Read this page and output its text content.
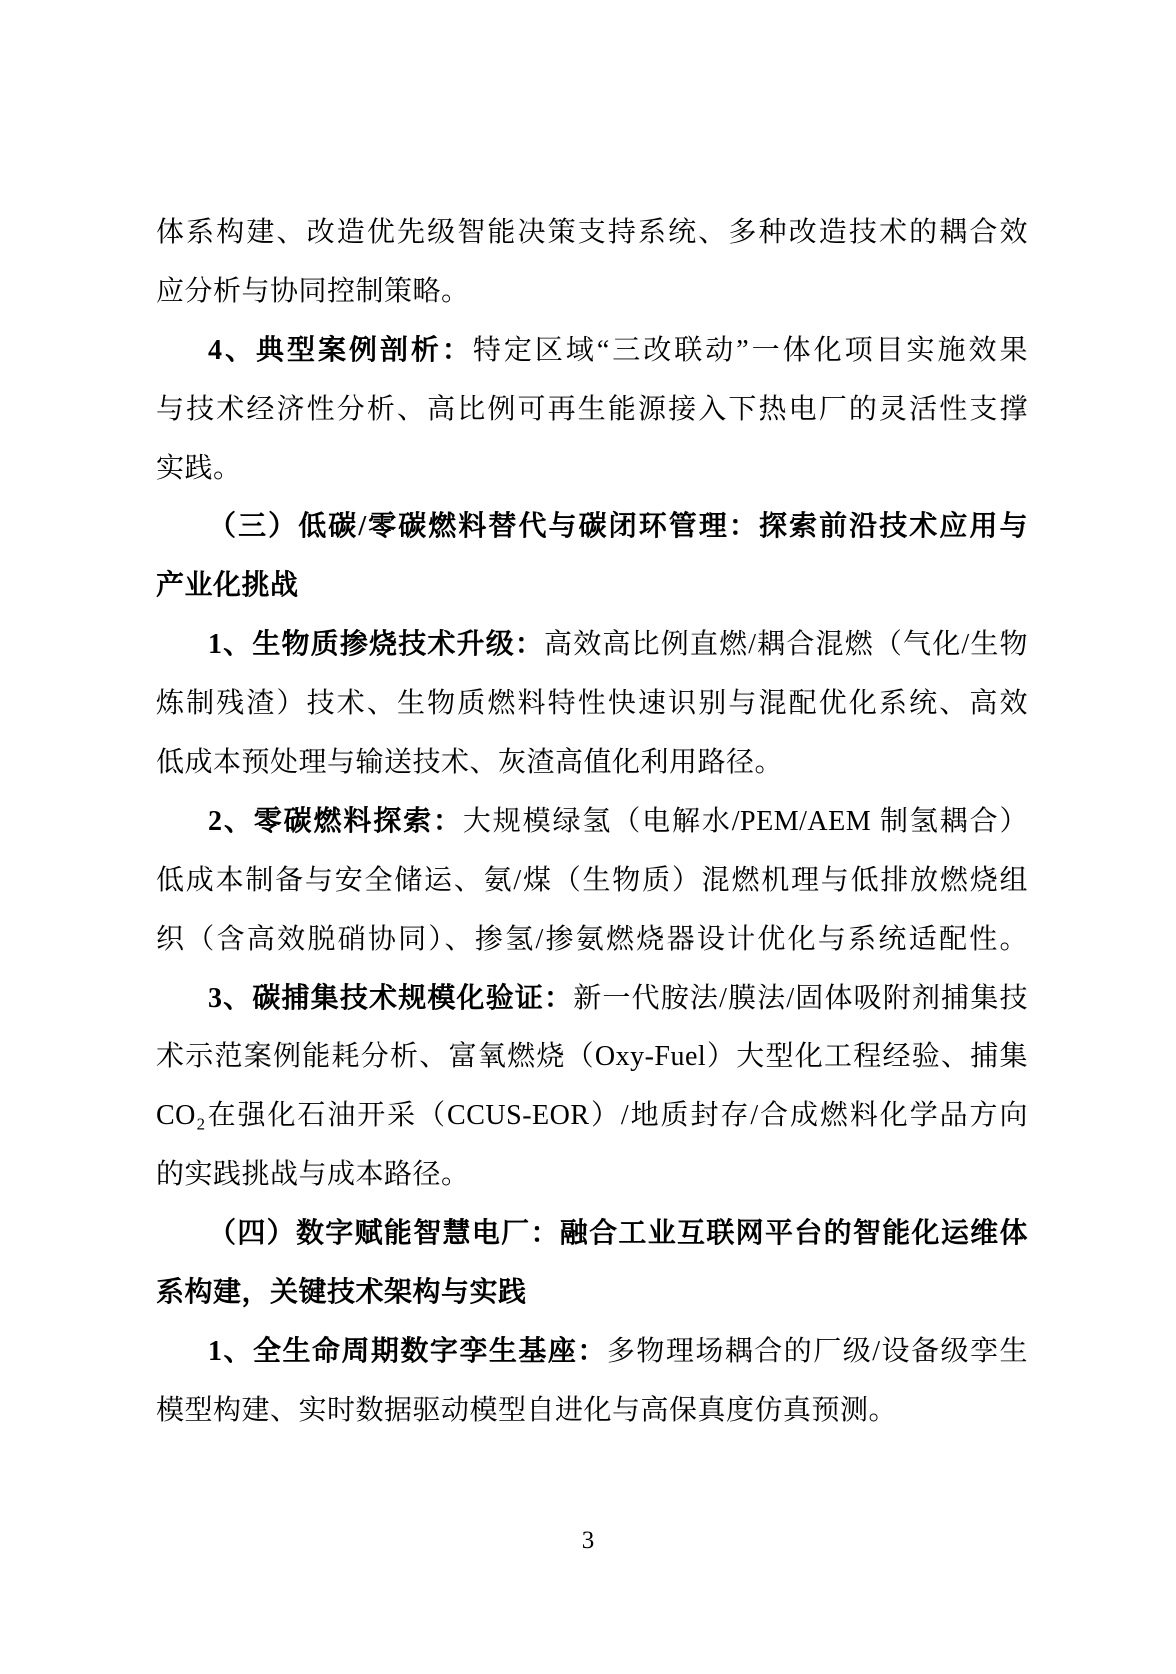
体系构建、改造优先级智能决策支持系统、多种改造技术的耦合效
应分析与协同控制策略。
4、典型案例剖析：特定区域“三改联动”一体化项目实施效果
与技术经济性分析、高比例可再生能源接入下热电厂的灵活性支撑
实践。
（三）低碳/零碳燃料替代与碳闭环管理：探索前沿技术应用与
产业化挑战
1、生物质掺烧技术升级：高效高比例直燃/耦合混燃（气化/生物
炼制残渣）技术、生物质燃料特性快速识别与混配优化系统、高效
低成本预处理与输送技术、灰渣高值化利用路径。
2、零碳燃料探索：大规模绿氢（电解水/PEM/AEM 制氢耦合）
低成本制备与安全储运、氨/煤（生物质）混燃机理与低排放燃烧组
织（含高效脱硝协同）、掺氢/掺氨燃烧器设计优化与系统适配性。
3、碳捕集技术规模化验证：新一代胺法/膜法/固体吸附剂捕集技
术示范案例能耗分析、富氧燃烧（Oxy-Fuel）大型化工程经验、捕集
CO₂在强化石油开采（CCUS-EOR）/地质封存/合成燃料化学品方向
的实践挑战与成本路径。
（四）数字赋能智慧电厂：融合工业互联网平台的智能化运维体
系构建，关键技术架构与实践
1、全生命周期数字孪生基座：多物理场耦合的厂级/设备级孪生
模型构建、实时数据驱动模型自进化与高保真度仿真预测。
3
